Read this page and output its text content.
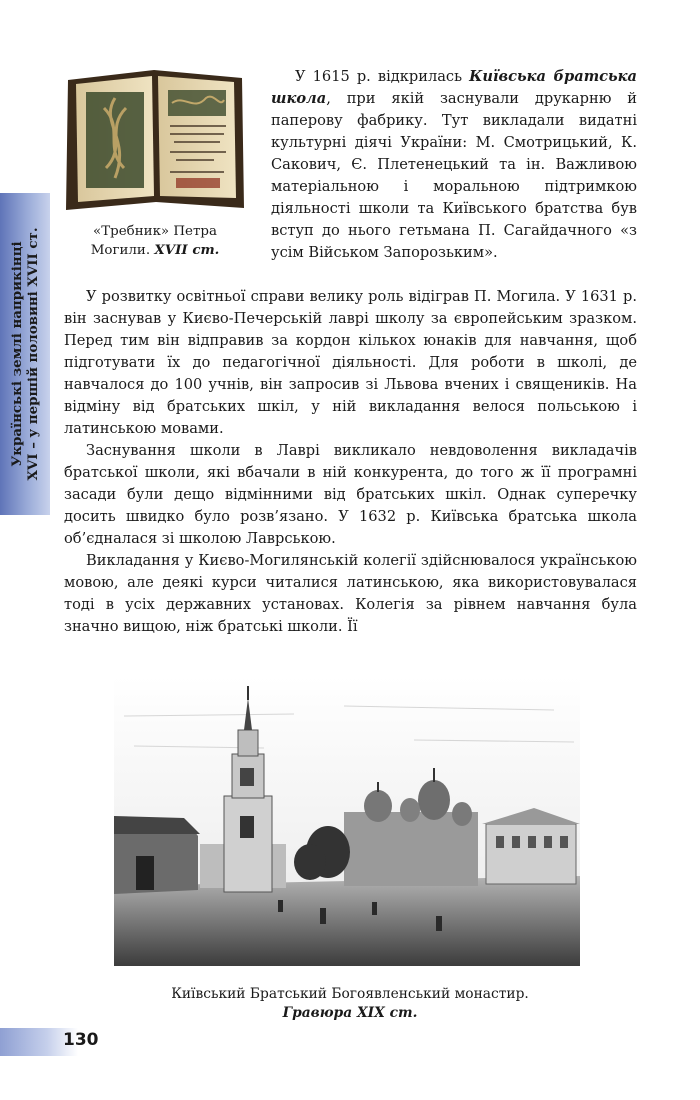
Українські землі наприкінці XVI – у першій половині XVII ст.	«Требник» Петра
Могили. XVII ст.

У 1615 р. відкрилась Київська братська школа, при якій заснували друкарню й паперову фабрику. Тут викладали видатні культурні діячі України: М. Смотрицький, К. Сакович, Є. Плетенецький та ін. Важливою матеріальною і моральною підтримкою діяльності школи та Київського братства був вступ до нього гетьмана П. Сагайдачного «з усім Військом Запорозьким».

У розвитку освітньої справи велику роль відіграв П. Могила. У 1631 р. він заснував у Києво-Печерській лаврі школу за європейським зразком. Перед тим він відправив за кордон кількох юнаків для навчання, щоб підготувати їх до педагогічної діяльності. Для роботи в школі, де навчалося до 100 учнів, він запросив зі Львова вчених і священиків. На відміну від братських шкіл, у ній викладання велося польською і латинською мовами.

Заснування школи в Лаврі викликало невдоволення викладачів братської школи, які вбачали в ній конкурента, до того ж її програмні засади були дещо відмінними від братських шкіл. Однак суперечку досить швидко було розв’язано. У 1632 р. Київська братська школа об’єдналася зі школою Лаврською.

Викладання у Києво-Могилянській колегії здійснювалося українською мовою, але деякі курси читалися латинською, яка використовувалася тоді в усіх державних установах. Колегія за рівнем навчання була значно вищою, ніж братські школи. Її

Київський Братський Богоявленський монастир.
Гравюра XIX ст.
130
